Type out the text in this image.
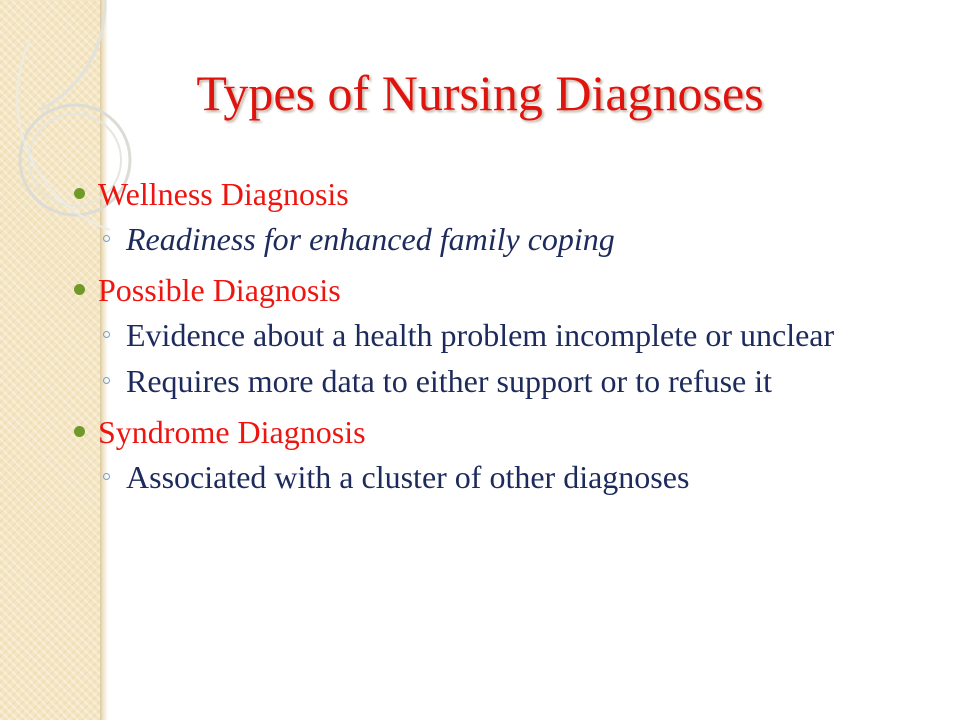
Types of Nursing Diagnoses
Wellness Diagnosis
Readiness for enhanced family coping
Possible Diagnosis
Evidence about a health problem incomplete or unclear
Requires more data to either support or to refuse it
Syndrome Diagnosis
Associated with a cluster of other diagnoses
